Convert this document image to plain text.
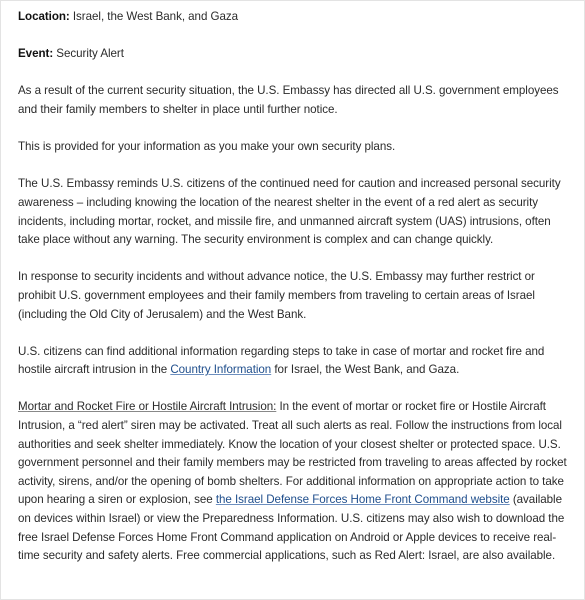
Location: Israel, the West Bank, and Gaza

Event: Security Alert

As a result of the current security situation, the U.S. Embassy has directed all U.S. government employees and their family members to shelter in place until further notice.

This is provided for your information as you make your own security plans.

The U.S. Embassy reminds U.S. citizens of the continued need for caution and increased personal security awareness – including knowing the location of the nearest shelter in the event of a red alert as security incidents, including mortar, rocket, and missile fire, and unmanned aircraft system (UAS) intrusions, often take place without any warning. The security environment is complex and can change quickly.

In response to security incidents and without advance notice, the U.S. Embassy may further restrict or prohibit U.S. government employees and their family members from traveling to certain areas of Israel (including the Old City of Jerusalem) and the West Bank.

U.S. citizens can find additional information regarding steps to take in case of mortar and rocket fire and hostile aircraft intrusion in the Country Information for Israel, the West Bank, and Gaza.

Mortar and Rocket Fire or Hostile Aircraft Intrusion: In the event of mortar or rocket fire or Hostile Aircraft Intrusion, a “red alert” siren may be activated. Treat all such alerts as real. Follow the instructions from local authorities and seek shelter immediately. Know the location of your closest shelter or protected space. U.S. government personnel and their family members may be restricted from traveling to areas affected by rocket activity, sirens, and/or the opening of bomb shelters. For additional information on appropriate action to take upon hearing a siren or explosion, see the Israel Defense Forces Home Front Command website (available on devices within Israel) or view the Preparedness Information. U.S. citizens may also wish to download the free Israel Defense Forces Home Front Command application on Android or Apple devices to receive real-time security and safety alerts. Free commercial applications, such as Red Alert: Israel, are also available.
